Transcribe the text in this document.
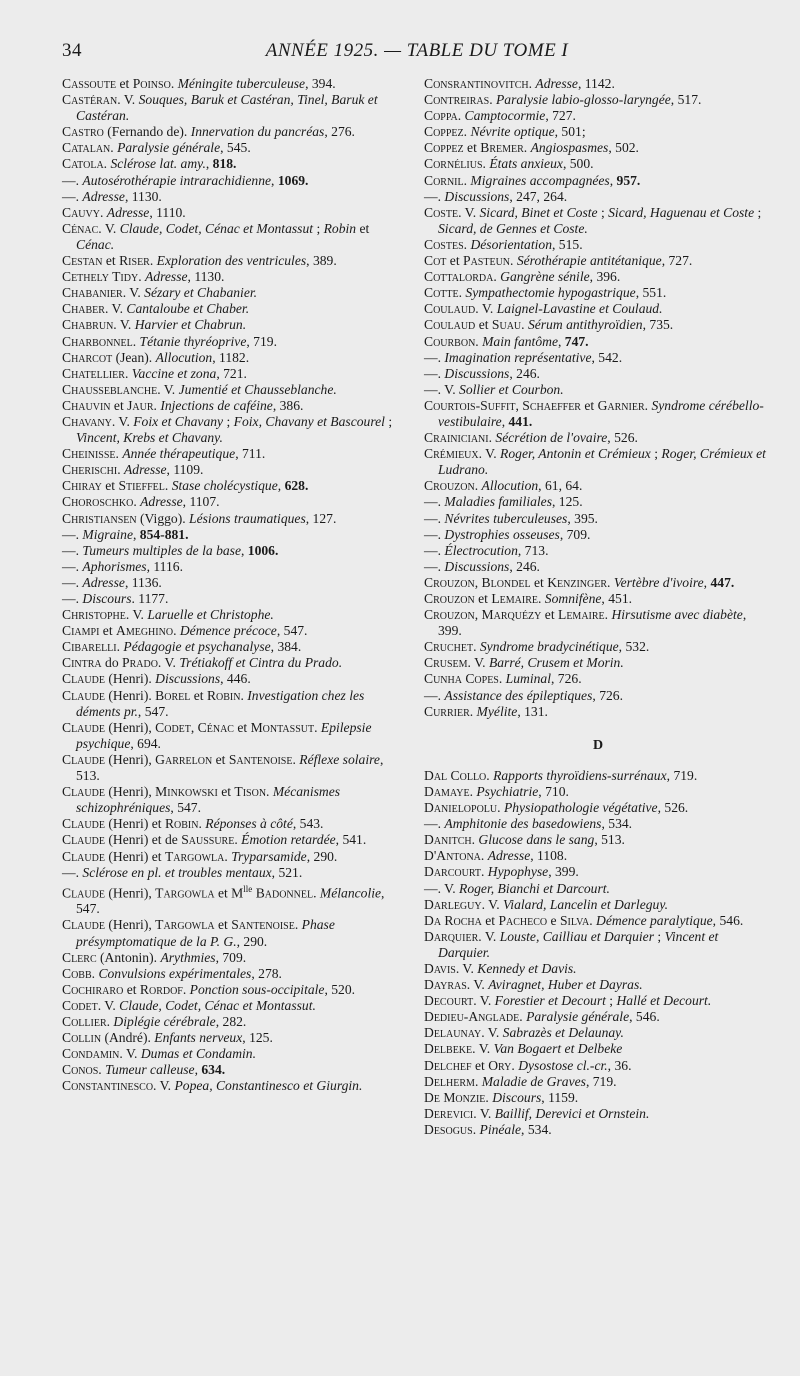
34	ANNÉE 1925. — TABLE DU TOME I

Cassoute et Poinso. Méningite tuberculeuse, 394.

Castéran. V. Souques, Baruk et Castéran, Tinel, Baruk et Castéran.

Castro (Fernando de). Innervation du pancréas, 276.

Catalan. Paralysie générale, 545.

Catola. Sclérose lat. amy., 818.

—. Autosérothérapie intrarachidienne, 1069.

—. Adresse, 1130.

Cauvy. Adresse, 1110.

Cénac. V. Claude, Codet, Cénac et Montassut ; Robin et Cénac.

Cestan et Riser. Exploration des ventricules, 389.

Cethely Tidy. Adresse, 1130.

Chabanier. V. Sézary et Chabanier.

Chaber. V. Cantaloube et Chaber.

Chabrun. V. Harvier et Chabrun.

Charbonnel. Tétanie thyréoprive, 719.

Charcot (Jean). Allocution, 1182.

Chatellier. Vaccine et zona, 721.

Chausseblanche. V. Jumentié et Chausseblanche.

Chauvin et Jaur. Injections de caféine, 386.

Chavany. V. Foix et Chavany ; Foix, Chavany et Bascourel ; Vincent, Krebs et Chavany.

Cheinisse. Année thérapeutique, 711.

Cherischi. Adresse, 1109.

Chiray et Stieffel. Stase cholécystique, 628.

Choroschko. Adresse, 1107.

Christiansen (Viggo). Lésions traumatiques, 127.

—. Migraine, 854-881.

—. Tumeurs multiples de la base, 1006.

—. Aphorismes, 1116.

—. Adresse, 1136.

—. Discours. 1177.

Christophe. V. Laruelle et Christophe.

Ciampi et Ameghino. Démence précoce, 547.

Cibarelli. Pédagogie et psychanalyse, 384.

Cintra do Prado. V. Trétiakoff et Cintra du Prado.

Claude (Henri). Discussions, 446.

Claude (Henri). Borel et Robin. Investigation chez les déments pr., 547.

Claude (Henri), Codet, Cénac et Montassut. Epilepsie psychique, 694.

Claude (Henri), Garrelon et Santenoise. Réflexe solaire, 513.

Claude (Henri), Minkowski et Tison. Mécanismes schizophréniques, 547.

Claude (Henri) et Robin. Réponses à côté, 543.

Claude (Henri) et de Saussure. Émotion retardée, 541.

Claude (Henri) et Targowla. Tryparsamide, 290.

—. Sclérose en pl. et troubles mentaux, 521.

Claude (Henri), Targowla et $M^{lle}$ Badonnel. Mélancolie, 547.

Claude (Henri), Targowla et Santenoise. Phase présymptomatique de la P. G., 290.

Clerc (Antonin). Arythmies, 709.

Cobb. Convulsions expérimentales, 278.

Cochiraro et Rordof. Ponction sous-occipitale, 520.

Codet. V. Claude, Codet, Cénac et Montassut.

Collier. Diplégie cérébrale, 282.

Collin (André). Enfants nerveux, 125.

Condamin. V. Dumas et Condamin.

Conos. Tumeur calleuse, 634.

Constantinesco. V. Popea, Constantinesco et Giurgin.

Consrantinovitch. Adresse, 1142.

Contreiras. Paralysie labio-glosso-laryngée, 517.

Coppa. Camptocormie, 727.

Coppez. Névrite optique, 501;

Coppez et Bremer. Angiospasmes, 502.

Cornélius. États anxieux, 500.

Cornil. Migraines accompagnées, 957.

—. Discussions, 247, 264.

Coste. V. Sicard, Binet et Coste ; Sicard, Haguenau et Coste ; Sicard, de Gennes et Coste.

Costes. Désorientation, 515.

Cot et Pasteun. Sérothérapie antitétanique, 727.

Cottalorda. Gangrène sénile, 396.

Cotte. Sympathectomie hypogastrique, 551.

Coulaud. V. Laignel-Lavastine et Coulaud.

Coulaud et Suau. Sérum antithyroïdien, 735.

Courbon. Main fantôme, 747.

—. Imagination représentative, 542.

—. Discussions, 246.

—. V. Sollier et Courbon.

Courtois-Suffit, Schaeffer et Garnier. Syndrome cérébello-vestibulaire, 441.

Crainiciani. Sécrétion de l'ovaire, 526.

Crémieux. V. Roger, Antonin et Crémieux ; Roger, Crémieux et Ludrano.

Crouzon. Allocution, 61, 64.

—. Maladies familiales, 125.

—. Névrites tuberculeuses, 395.

—. Dystrophies osseuses, 709.

—. Électrocution, 713.

—. Discussions, 246.

Crouzon, Blondel et Kenzinger. Vertèbre d'ivoire, 447.

Crouzon et Lemaire. Somnifène, 451.

Crouzon, Marquézy et Lemaire. Hirsutisme avec diabète, 399.

Cruchet. Syndrome bradycinétique, 532.

Crusem. V. Barré, Crusem et Morin.

Cunha Copes. Luminal, 726.

—. Assistance des épileptiques, 726.

Currier. Myélite, 131.

D

Dal Collo. Rapports thyroïdiens-surrénaux, 719.

Damaye. Psychiatrie, 710.

Danielopolu. Physiopathologie végétative, 526.

—. Amphitonie des basedowiens, 534.

Danitch. Glucose dans le sang, 513.

D'Antona. Adresse, 1108.

Darcourt. Hypophyse, 399.

—. V. Roger, Bianchi et Darcourt.

Darleguy. V. Vialard, Lancelin et Darleguy.

Da Rocha et Pacheco e Silva. Démence paralytique, 546.

Darquier. V. Louste, Cailliau et Darquier ; Vincent et Darquier.

Davis. V. Kennedy et Davis.

Dayras. V. Aviragnet, Huber et Dayras.

Decourt. V. Forestier et Decourt ; Hallé et Decourt.

Dedieu-Anglade. Paralysie générale, 546.

Delaunay. V. Sabrazès et Delaunay.

Delbeke. V. Van Bogaert et Delbeke

Delchef et Ory. Dysostose cl.-cr., 36.

Delherm. Maladie de Graves, 719.

De Monzie. Discours, 1159.

Derevici. V. Baillif, Derevici et Ornstein.

Desogus. Pinéale, 534.
